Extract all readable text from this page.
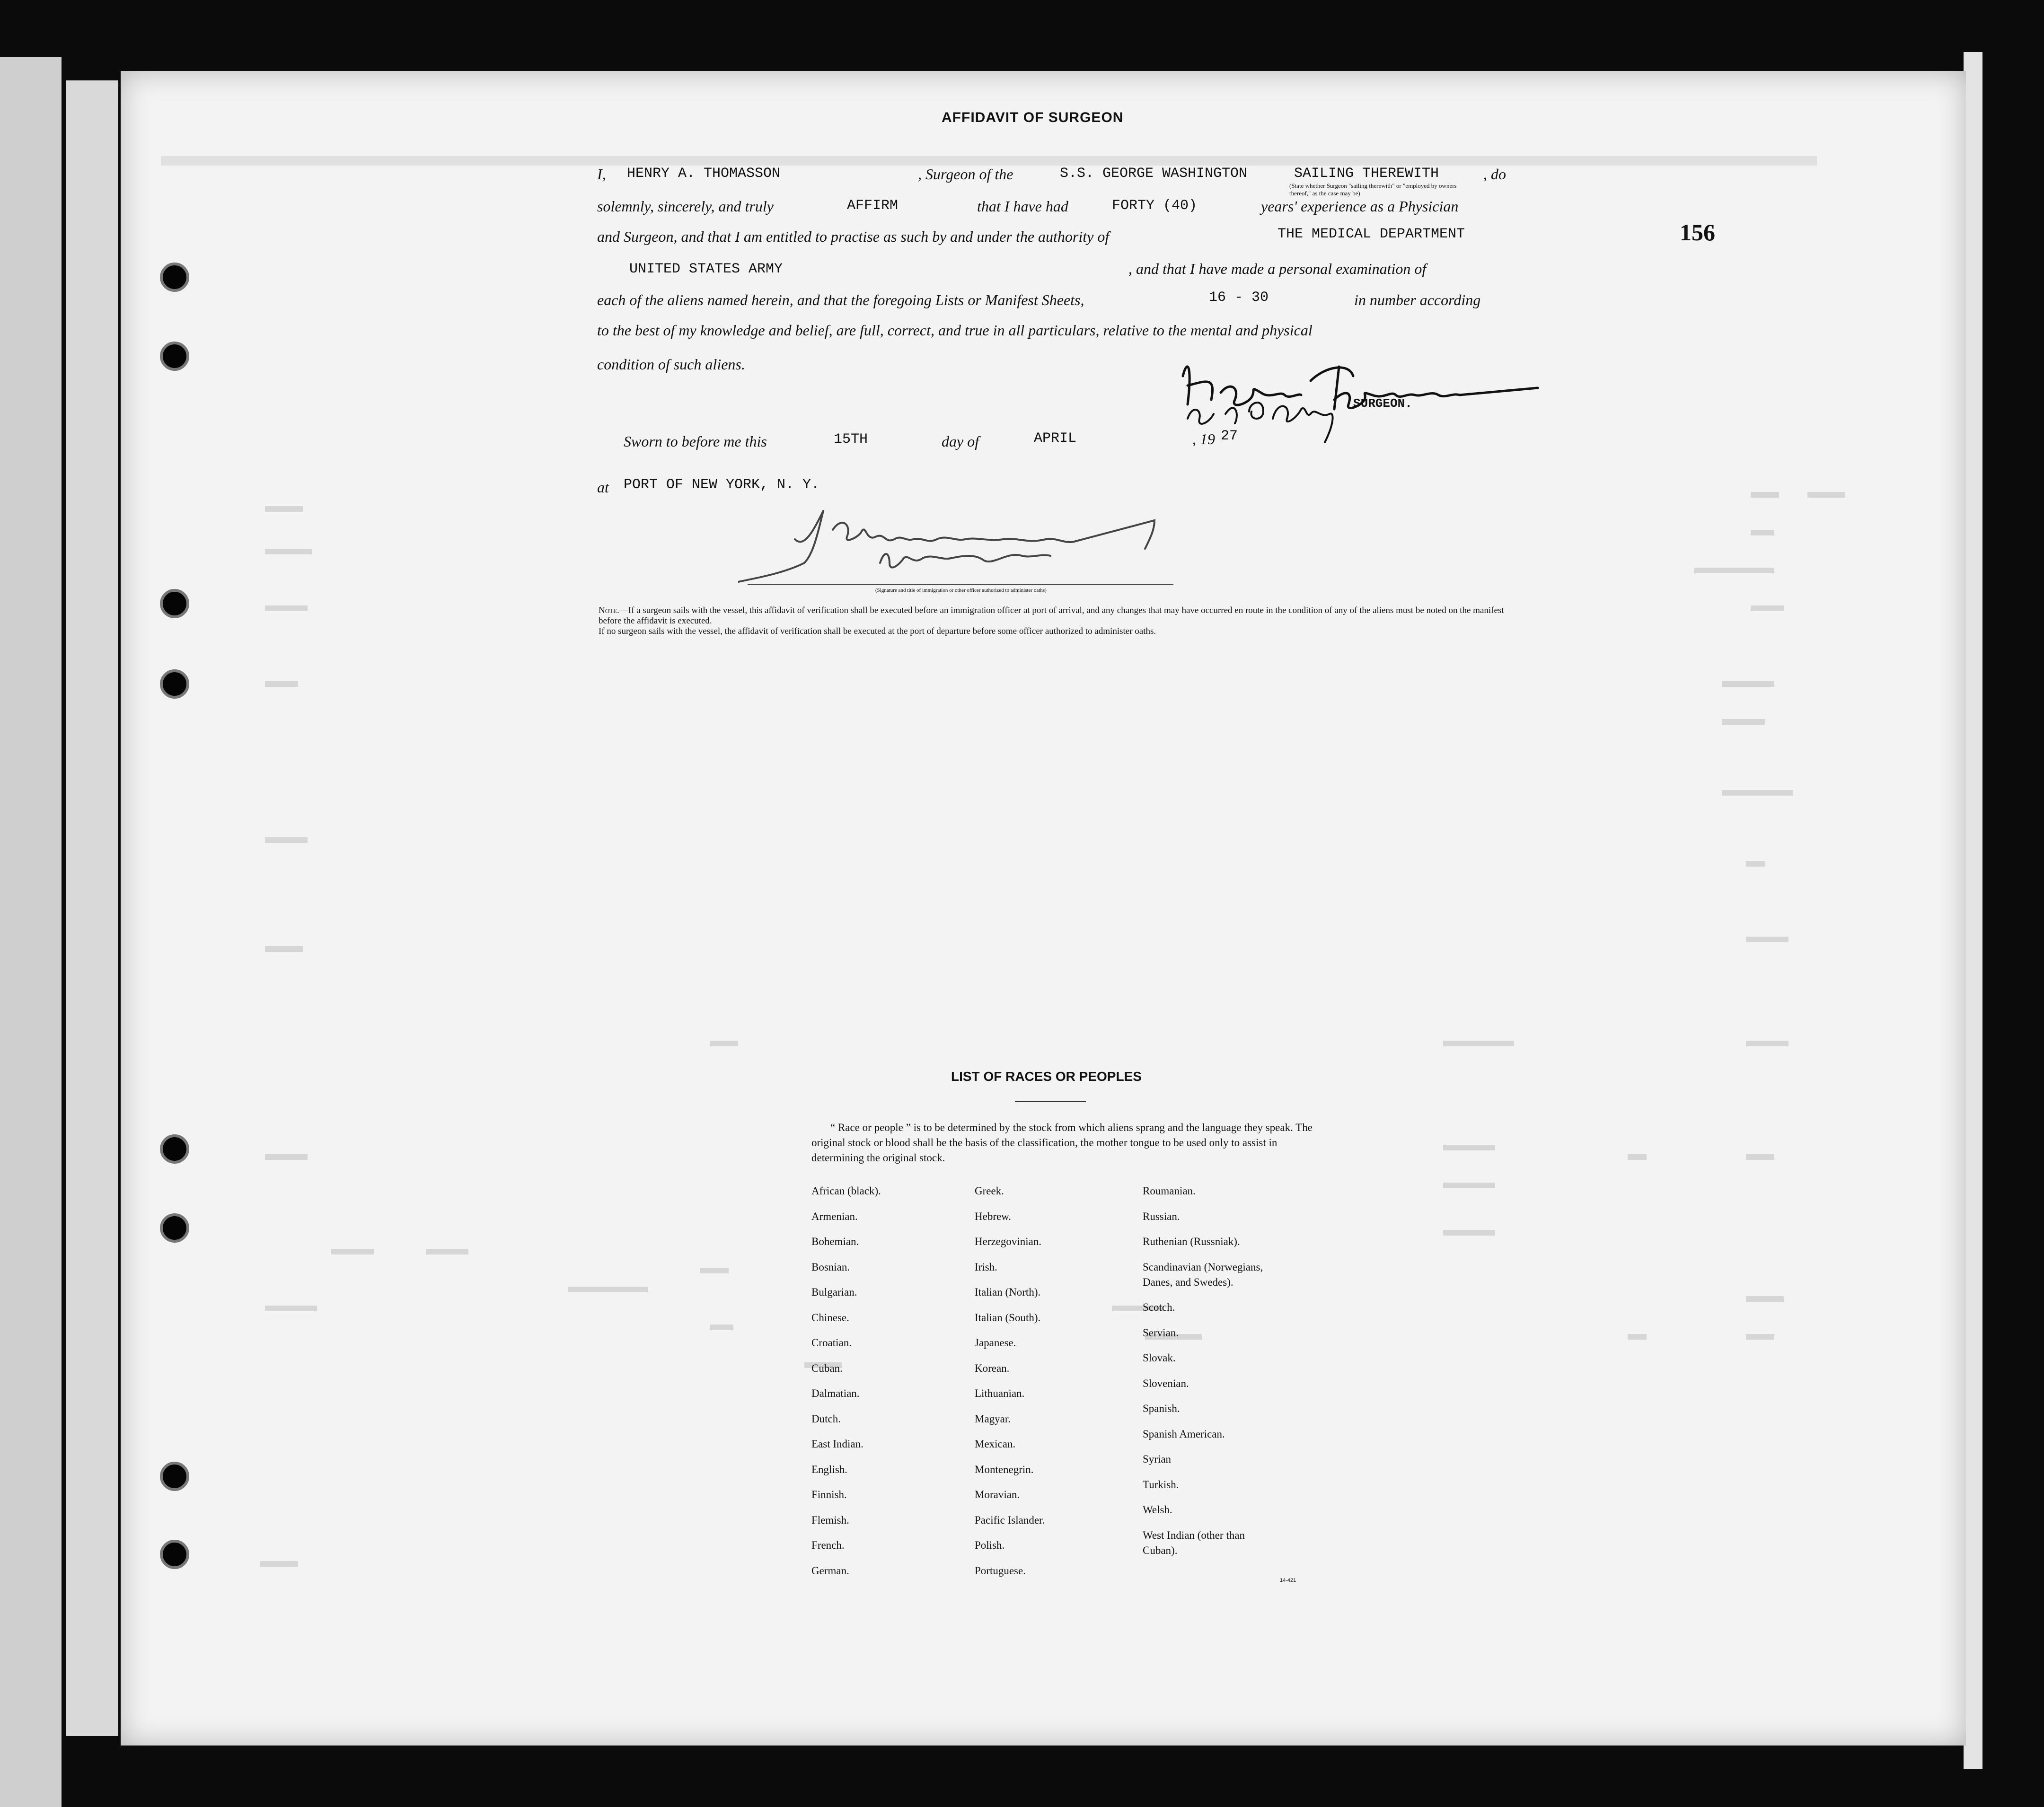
AFFIDAVIT OF SURGEON
156
I, HENRY A. THOMASSON	, Surgeon of the	S.S. GEORGE WASHINGTON	SAILING THEREWITH	, do
(State whether Surgeon "sailing therewith" or "employed by owners thereof," as the case may be)
solemnly, sincerely, and truly	AFFIRM	that I have had	FORTY (40)	years' experience as a Physician
and Surgeon, and that I am entitled to practise as such by and under the authority of	THE MEDICAL DEPARTMENT
UNITED STATES ARMY	, and that I have made a personal examination of
each of the aliens named herein, and that the foregoing Lists or Manifest Sheets,	16 - 30	in number according
to the best of my knowledge and belief, are full, correct, and true in all particulars, relative to the mental and physical
condition of such aliens.
SURGEON.
Sworn to before me this	15TH	day of	APRIL	, 19 27
at PORT OF NEW YORK, N. Y.
(Signature and title of immigration or other officer authorized to administer oaths)
Note.—If a surgeon sails with the vessel, this affidavit of verification shall be executed before an immigration officer at port of arrival, and any changes that may have occurred en route in the condition of any of the aliens must be noted on the manifest before the affidavit is executed.
If no surgeon sails with the vessel, the affidavit of verification shall be executed at the port of departure before some officer authorized to administer oaths.
LIST OF RACES OR PEOPLES
“ Race or people ” is to be determined by the stock from which aliens sprang and the language they speak. The original stock or blood shall be the basis of the classification, the mother tongue to be used only to assist in determining the original stock.
African (black).
Armenian.
Bohemian.
Bosnian.
Bulgarian.
Chinese.
Croatian.
Cuban.
Dalmatian.
Dutch.
East Indian.
English.
Finnish.
Flemish.
French.
German.
Greek.
Hebrew.
Herzegovinian.
Irish.
Italian (North).
Italian (South).
Japanese.
Korean.
Lithuanian.
Magyar.
Mexican.
Montenegrin.
Moravian.
Pacific Islander.
Polish.
Portuguese.
Roumanian.
Russian.
Ruthenian (Russniak).
Scandinavian (Norwegians,
Danes, and Swedes).
Scotch.
Servian.
Slovak.
Slovenian.
Spanish.
Spanish American.
Syrian
Turkish.
Welsh.
West Indian (other than
Cuban).
14-421
